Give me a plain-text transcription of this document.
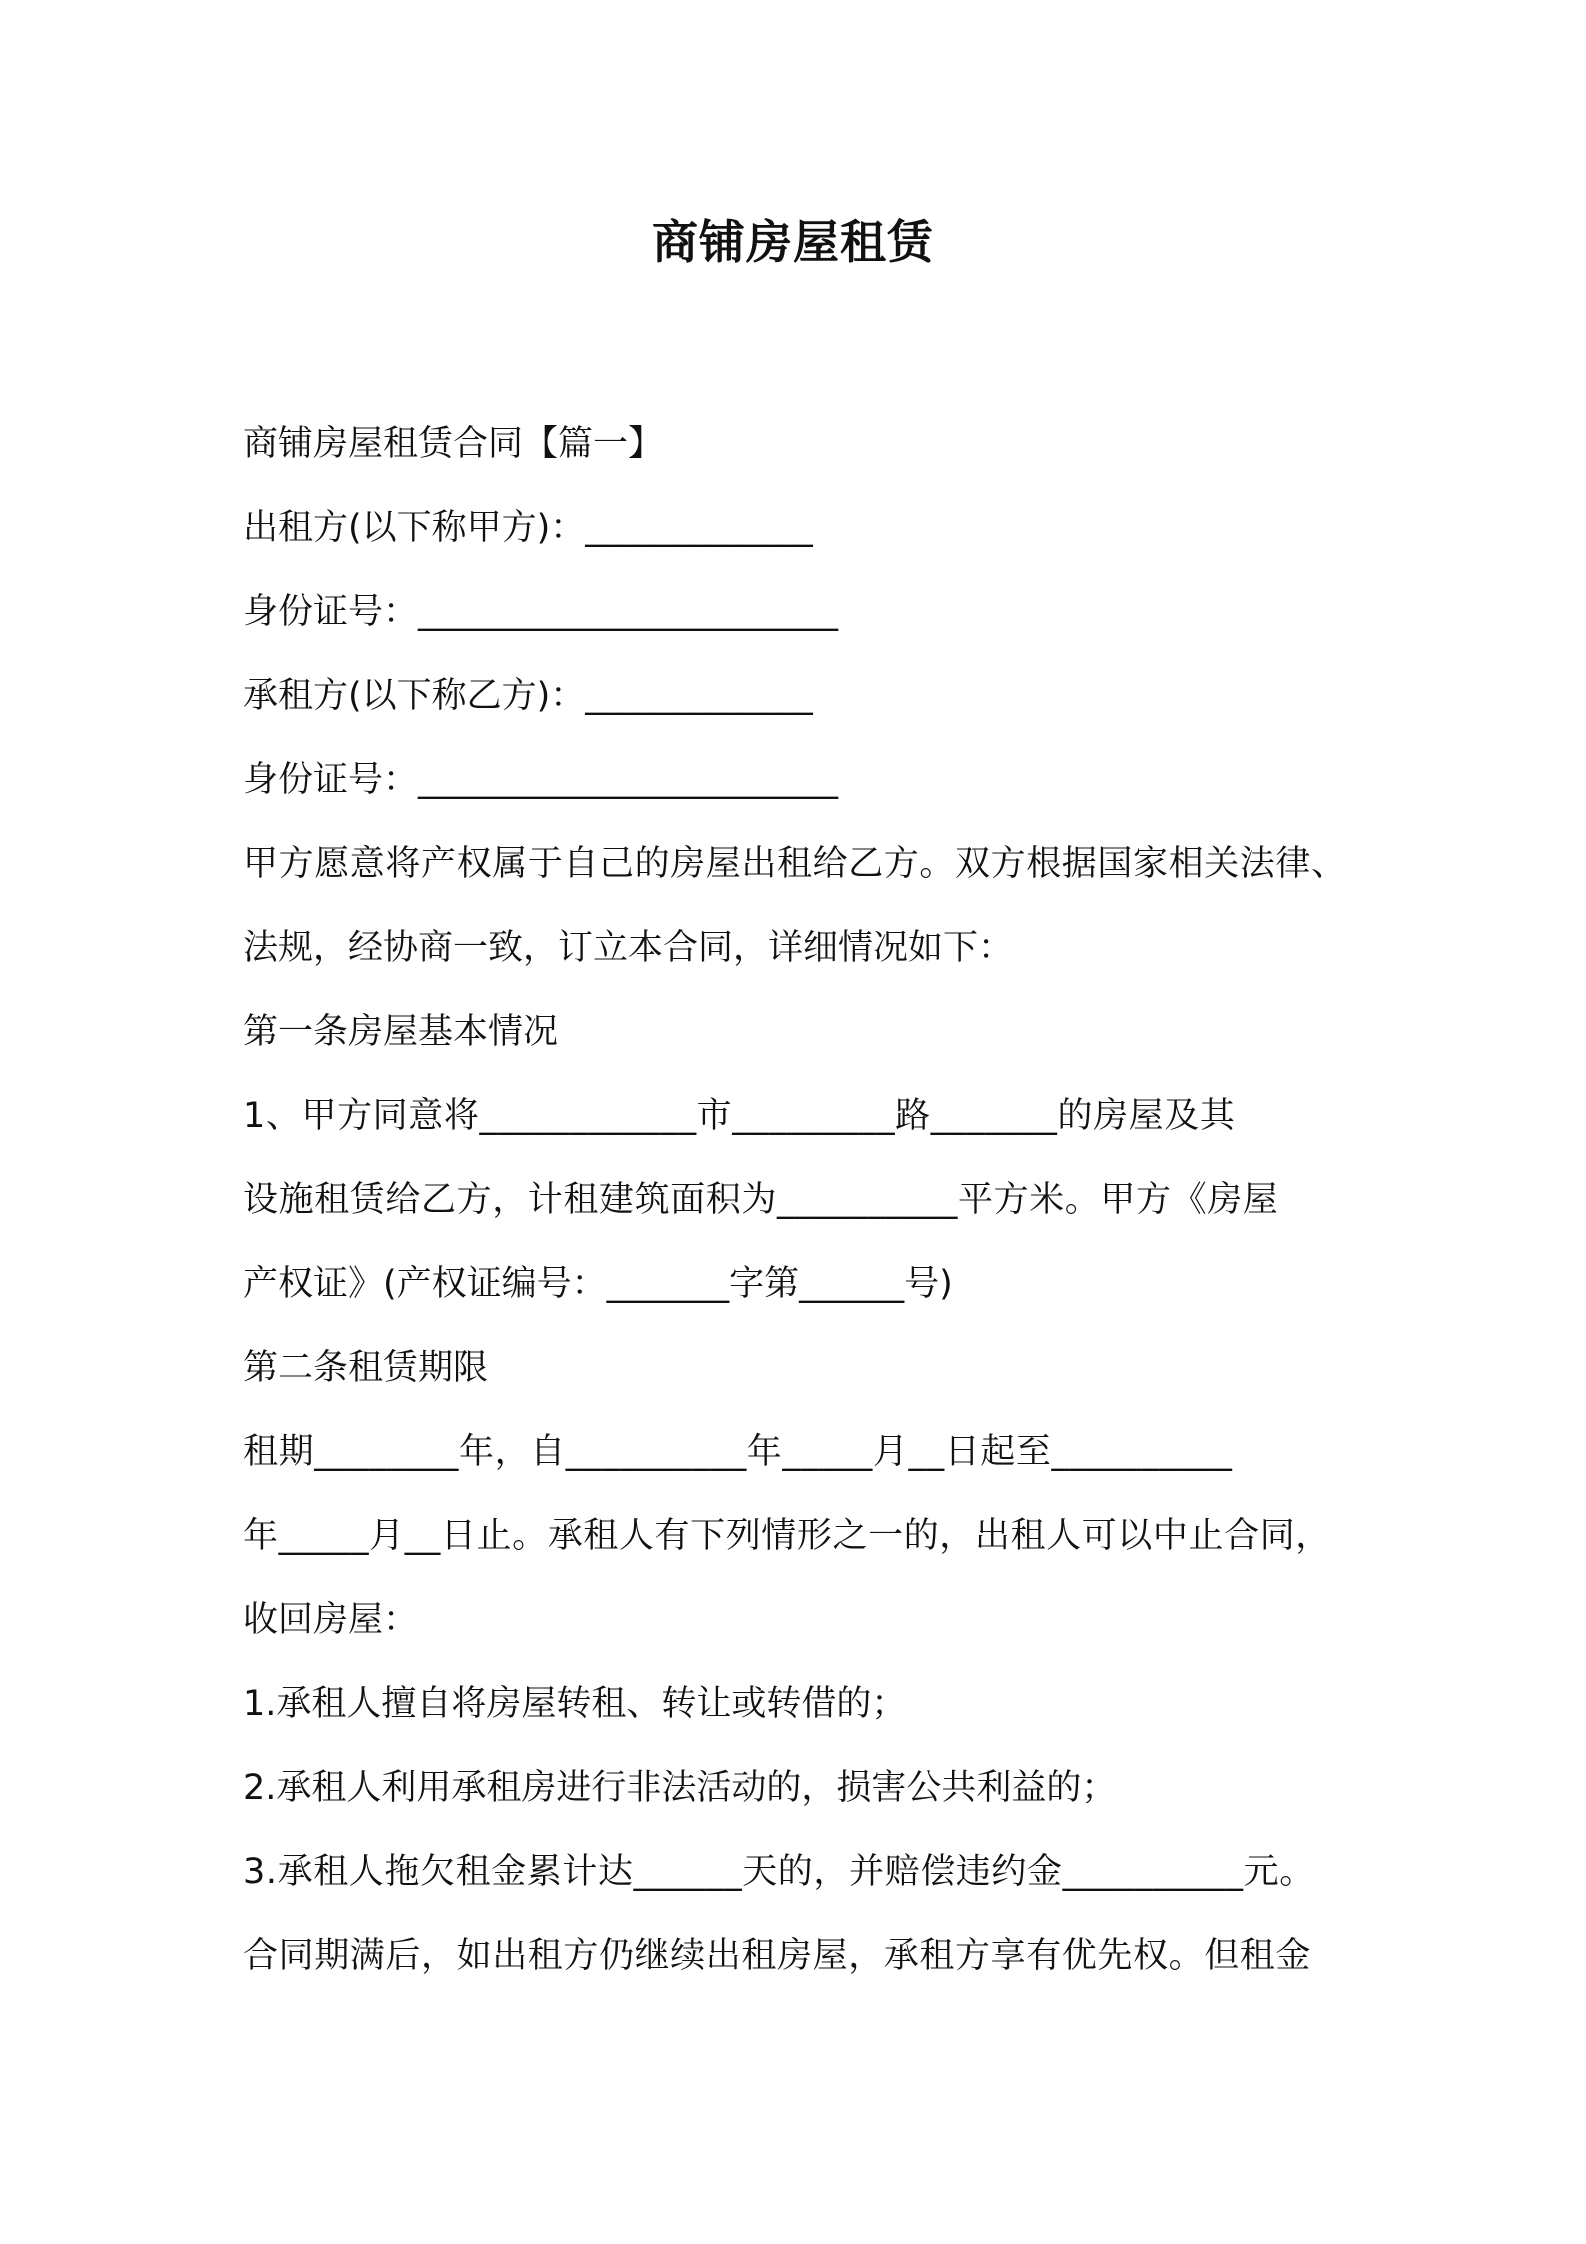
商铺房屋租赁
商铺房屋租赁合同【篇一】
出租方(以下称甲方)：_____________
身份证号：________________________
承租方(以下称乙方)：_____________
身份证号：________________________
甲方愿意将产权属于自己的房屋出租给乙方。双方根据国家相关法律、
法规，经协商一致，订立本合同，详细情况如下：
第一条房屋基本情况
1、甲方同意将____________市_________路_______的房屋及其
设施租赁给乙方，计租建筑面积为__________平方米。甲方《房屋
产权证》(产权证编号：_______字第______号)
第二条租赁期限
租期________年，自__________年_____月__日起至__________
年_____月__日止。承租人有下列情形之一的，出租人可以中止合同，
收回房屋：
1.承租人擅自将房屋转租、转让或转借的；
2.承租人利用承租房进行非法活动的，损害公共利益的；
3.承租人拖欠租金累计达______天的，并赔偿违约金__________元。
合同期满后，如出租方仍继续出租房屋，承租方享有优先权。但租金
